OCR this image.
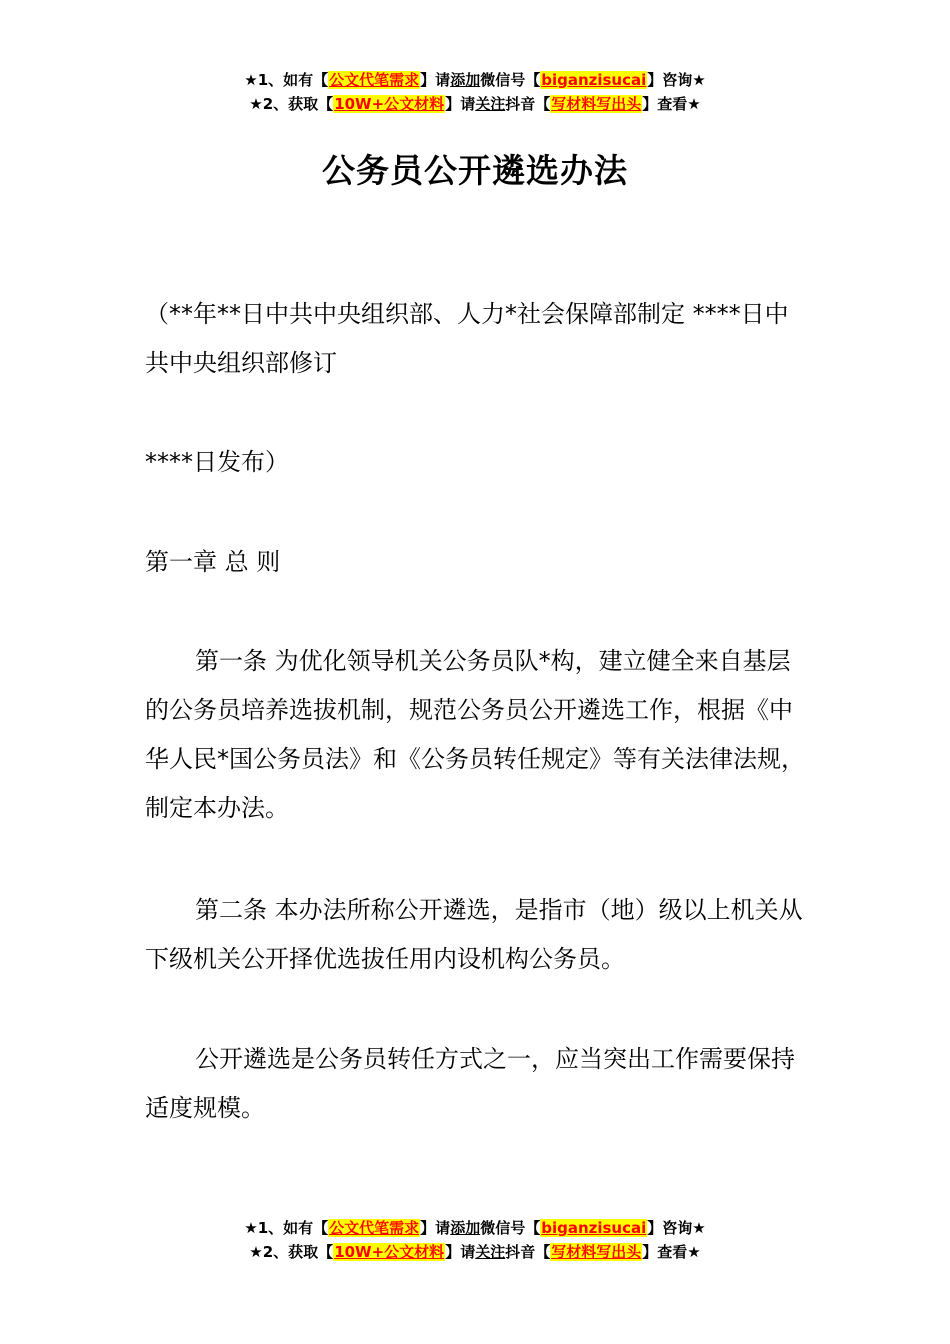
★1、如有【公文代笔需求】请添加微信号【biganzisucai】咨询★
★2、获取【10W+公文材料】请关注抖音【写材料写出头】查看★
公务员公开遴选办法

（**年**日中共中央组织部、人力*社会保障部制定 ****日中共中央组织部修订

****日发布）

第一章 总 则

第一条 为优化领导机关公务员队*构，建立健全来自基层的公务员培养选拔机制，规范公务员公开遴选工作，根据《中华人民*国公务员法》和《公务员转任规定》等有关法律法规，制定本办法。

第二条 本办法所称公开遴选，是指市（地）级以上机关从下级机关公开择优选拔任用内设机构公务员。

公开遴选是公务员转任方式之一，应当突出工作需要保持适度规模。

★1、如有【公文代笔需求】请添加微信号【biganzisucai】咨询★
★2、获取【10W+公文材料】请关注抖音【写材料写出头】查看★
